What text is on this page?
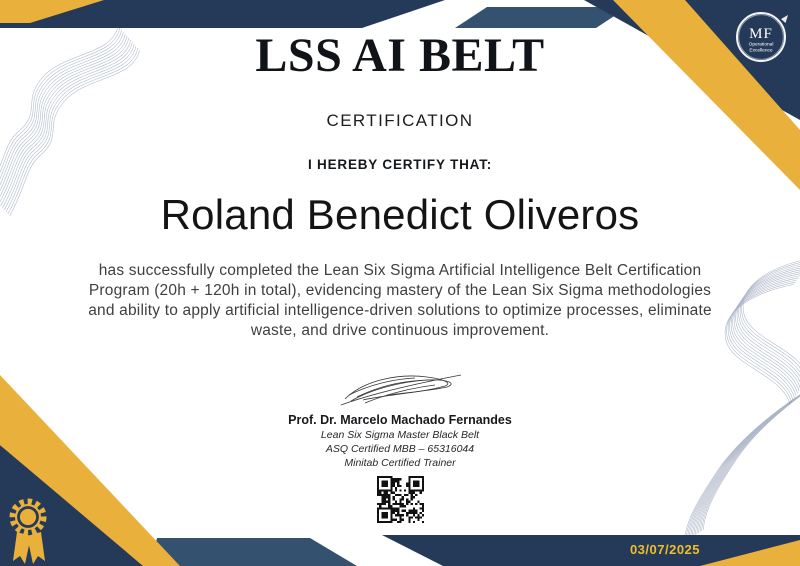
LSS AI BELT
CERTIFICATION
I HEREBY CERTIFY THAT:
Roland Benedict Oliveros

has successfully completed the Lean Six Sigma Artificial Intelligence Belt Certification Program (20h + 120h in total), evidencing mastery of the Lean Six Sigma methodologies and ability to apply artificial intelligence-driven solutions to optimize processes, eliminate waste, and drive continuous improvement.

Prof. Dr. Marcelo Machado Fernandes
Lean Six Sigma Master Black Belt
ASQ Certified MBB – 65316044
Minitab Certified Trainer
03/07/2025
MF
Operational
Excellence
